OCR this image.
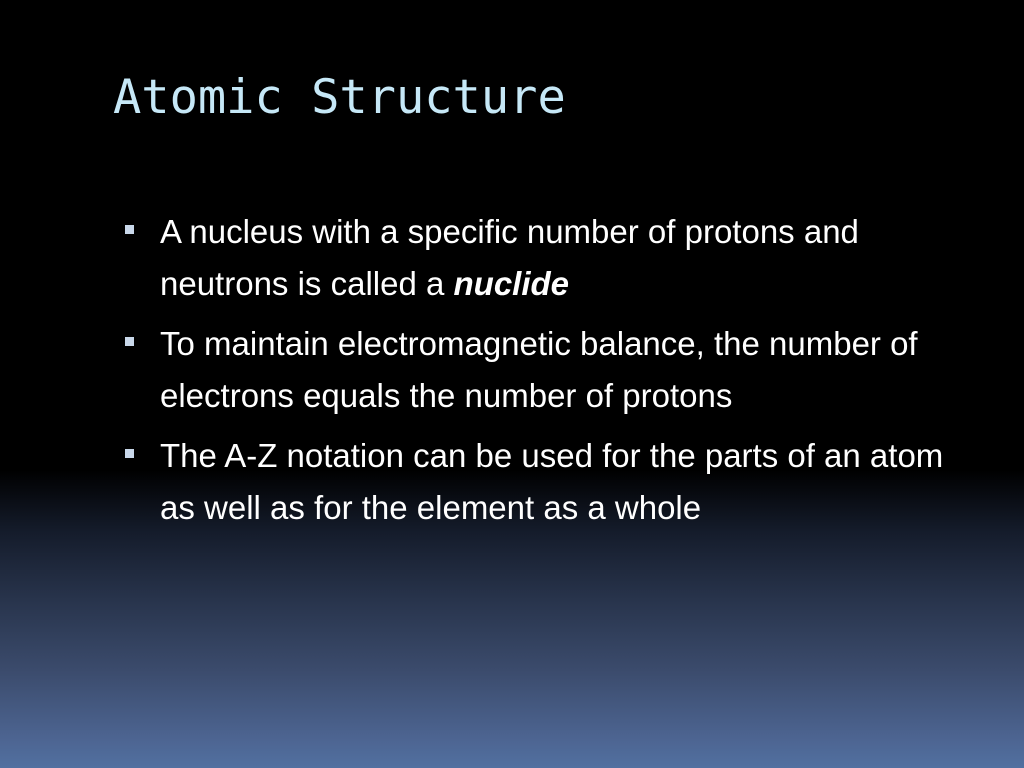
Atomic Structure
A nucleus with a specific number of protons and neutrons is called a nuclide
To maintain electromagnetic balance, the number of electrons equals the number of protons
The A-Z notation can be used for the parts of an atom as well as for the element as a whole
